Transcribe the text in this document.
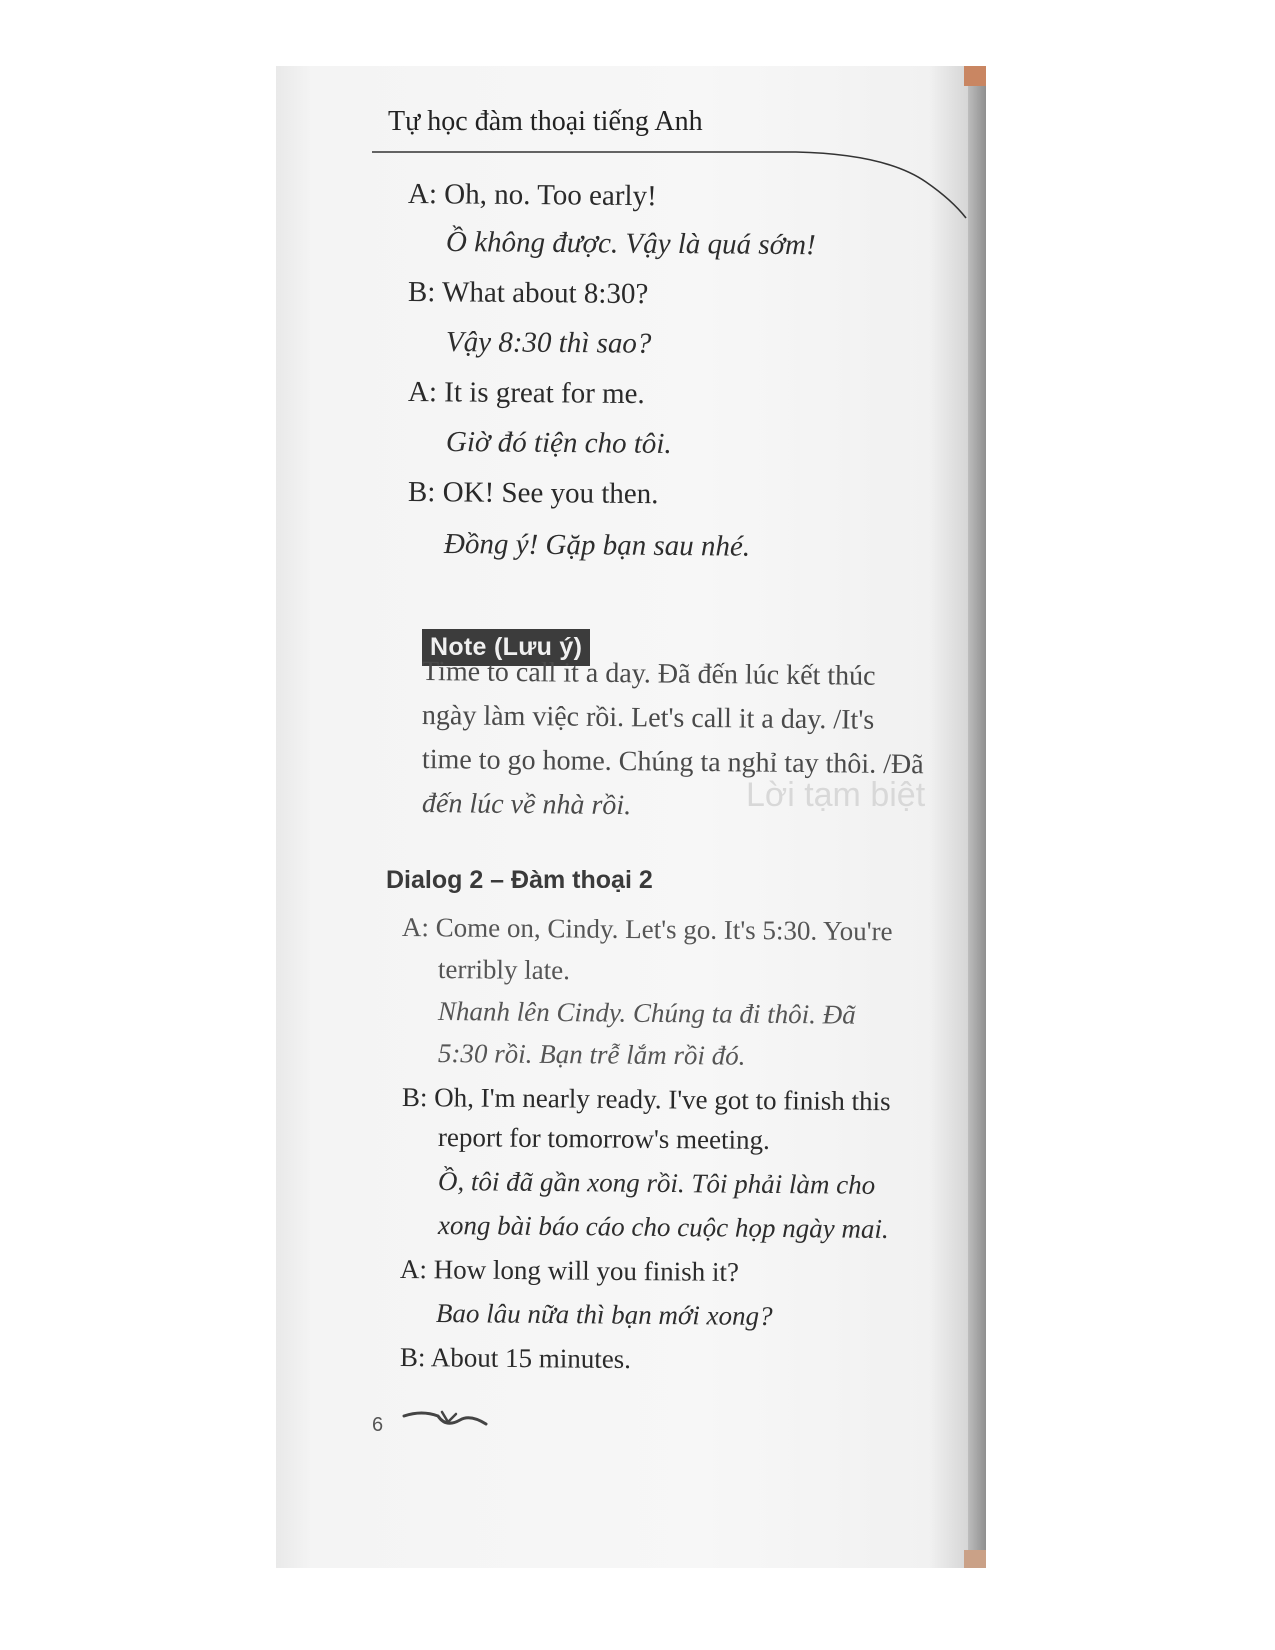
Lời tạm biệt
Tự học đàm thoại tiếng Anh
A: Oh, no. Too early!
Ồ không được. Vậy là quá sớm!
B: What about 8:30?
Vậy 8:30 thì sao?
A: It is great for me.
Giờ đó tiện cho tôi.
B: OK! See you then.
Đồng ý! Gặp bạn sau nhé.
Note (Lưu ý)
Time to call it a day. Đã đến lúc kết thúc
ngày làm việc rồi. Let's call it a day. /It's
time to go home. Chúng ta nghỉ tay thôi. /Đã
đến lúc về nhà rồi.
Dialog 2 – Đàm thoại 2
A: Come on, Cindy. Let's go. It's 5:30. You're
terribly late.
Nhanh lên Cindy. Chúng ta đi thôi. Đã
5:30 rồi. Bạn trễ lắm rồi đó.
B: Oh, I'm nearly ready. I've got to finish this
report for tomorrow's meeting.
Ồ, tôi đã gần xong rồi. Tôi phải làm cho
xong bài báo cáo cho cuộc họp ngày mai.
A: How long will you finish it?
Bao lâu nữa thì bạn mới xong?
B: About 15 minutes.
6
